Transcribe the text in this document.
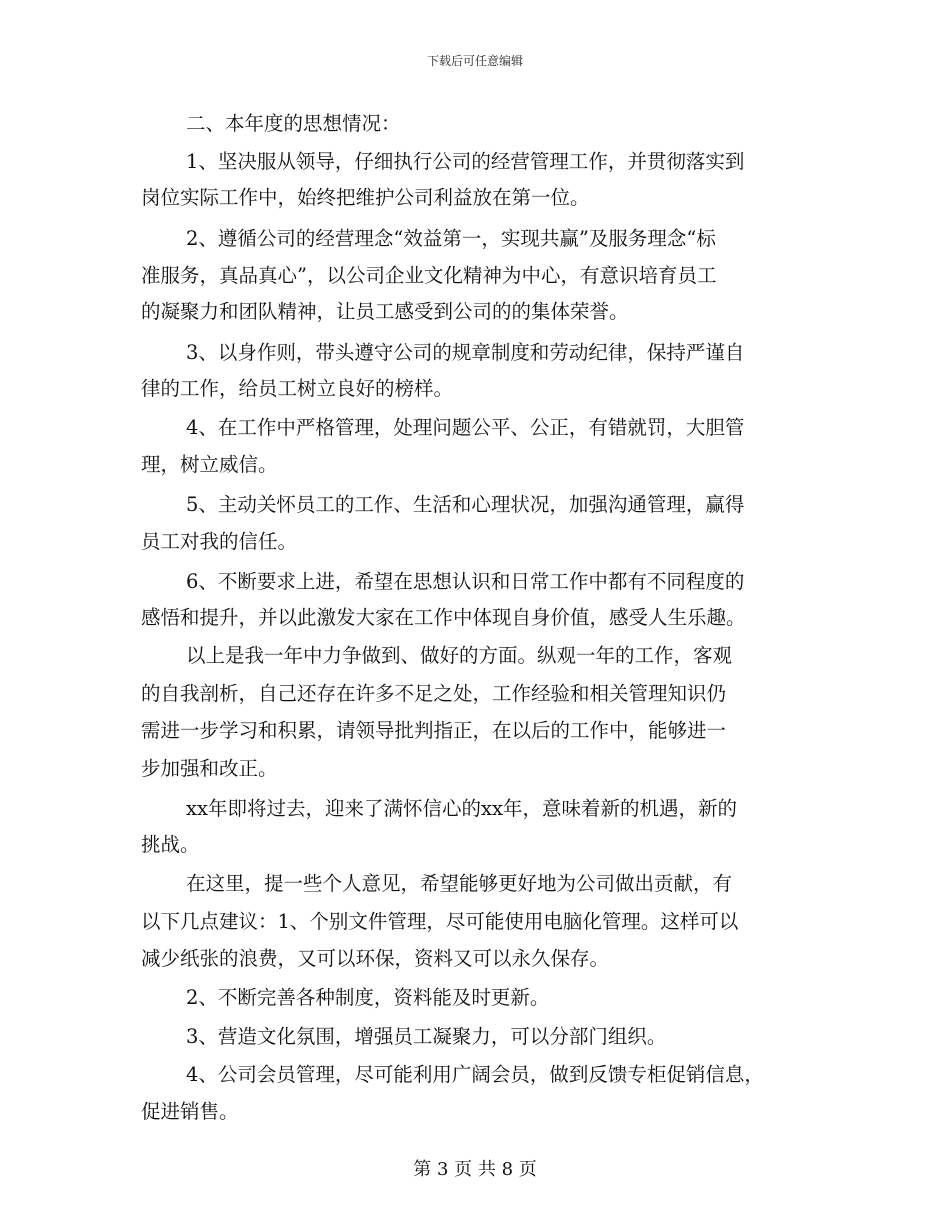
下载后可任意编辑
二、本年度的思想情况：
1、坚决服从领导，仔细执行公司的经营管理工作，并贯彻落实到
岗位实际工作中，始终把维护公司利益放在第一位。
2、遵循公司的经营理念“效益第一，实现共赢”及服务理念“标
准服务，真品真心”，以公司企业文化精神为中心，有意识培育员工
的凝聚力和团队精神，让员工感受到公司的的集体荣誉。
3、以身作则，带头遵守公司的规章制度和劳动纪律，保持严谨自
律的工作，给员工树立良好的榜样。
4、在工作中严格管理，处理问题公平、公正，有错就罚，大胆管
理，树立威信。
5、主动关怀员工的工作、生活和心理状况，加强沟通管理，赢得
员工对我的信任。
6、不断要求上进，希望在思想认识和日常工作中都有不同程度的
感悟和提升，并以此激发大家在工作中体现自身价值，感受人生乐趣。
以上是我一年中力争做到、做好的方面。纵观一年的工作，客观
的自我剖析，自己还存在许多不足之处，工作经验和相关管理知识仍
需进一步学习和积累，请领导批判指正，在以后的工作中，能够进一
步加强和改正。
xx年即将过去，迎来了满怀信心的xx年，意味着新的机遇，新的
挑战。
在这里，提一些个人意见，希望能够更好地为公司做出贡献，有
以下几点建议：1、个别文件管理，尽可能使用电脑化管理。这样可以
减少纸张的浪费，又可以环保，资料又可以永久保存。
2、不断完善各种制度，资料能及时更新。
3、营造文化氛围，增强员工凝聚力，可以分部门组织。
4、公司会员管理，尽可能利用广阔会员，做到反馈专柜促销信息，
促进销售。
第 3 页 共 8 页
